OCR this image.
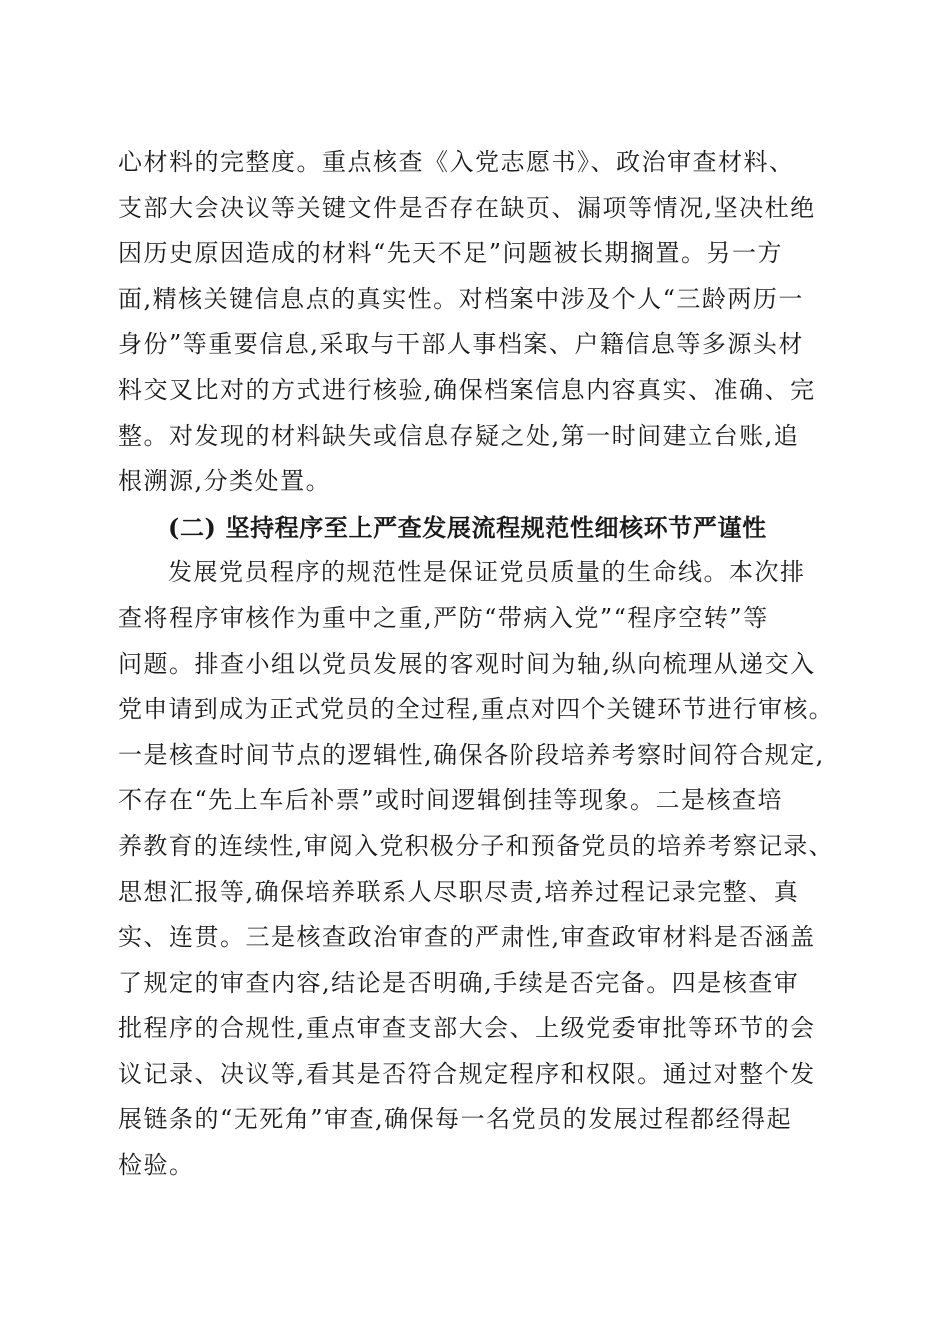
心材料的完整度。重点核查《入党志愿书》、政治审查材料、
支部大会决议等关键文件是否存在缺页、漏项等情况,坚决杜绝
因历史原因造成的材料“先天不足”问题被长期搁置。另一方
面,精核关键信息点的真实性。对档案中涉及个人“三龄两历一
身份”等重要信息,采取与干部人事档案、户籍信息等多源头材
料交叉比对的方式进行核验,确保档案信息内容真实、准确、完
整。对发现的材料缺失或信息存疑之处,第一时间建立台账,追
根溯源,分类处置。
(二) 坚持程序至上严查发展流程规范性细核环节严谨性
发展党员程序的规范性是保证党员质量的生命线。本次排
查将程序审核作为重中之重,严防“带病入党”“程序空转”等
问题。排查小组以党员发展的客观时间为轴,纵向梳理从递交入
党申请到成为正式党员的全过程,重点对四个关键环节进行审核。
一是核查时间节点的逻辑性,确保各阶段培养考察时间符合规定,
不存在“先上车后补票”或时间逻辑倒挂等现象。二是核查培
养教育的连续性,审阅入党积极分子和预备党员的培养考察记录、
思想汇报等,确保培养联系人尽职尽责,培养过程记录完整、真
实、连贯。三是核查政治审查的严肃性,审查政审材料是否涵盖
了规定的审查内容,结论是否明确,手续是否完备。四是核查审
批程序的合规性,重点审查支部大会、上级党委审批等环节的会
议记录、决议等,看其是否符合规定程序和权限。通过对整个发
展链条的“无死角”审查,确保每一名党员的发展过程都经得起
检验。
